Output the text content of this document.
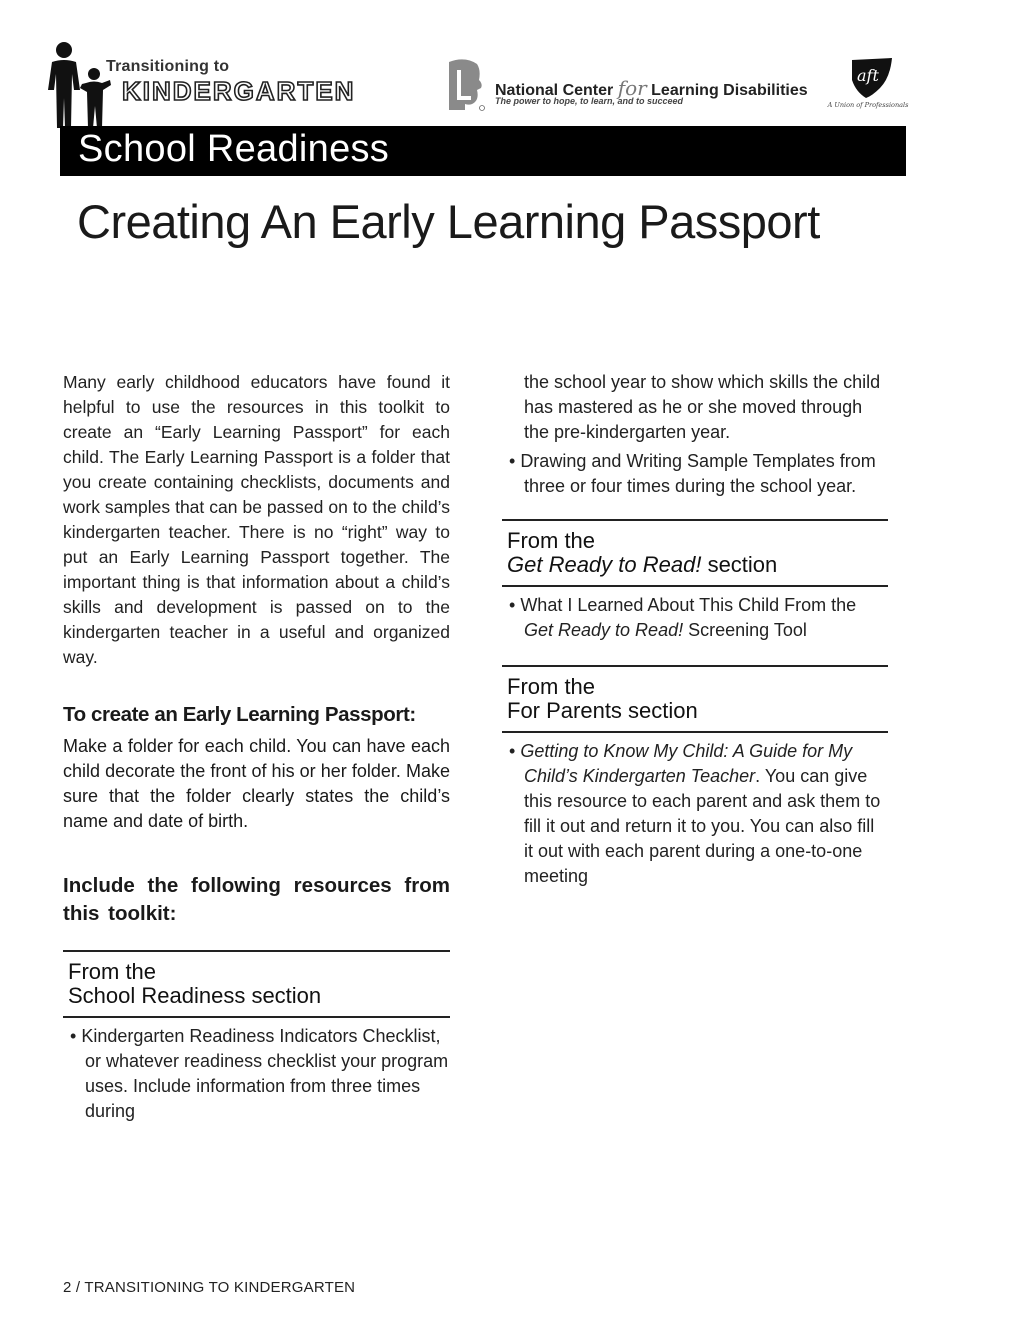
Transitioning to
KINDERGARTEN	National Center for Learning Disabilities
The power to hope, to learn, and to succeed
aft
A Union of Professionals
School Readiness
Creating An Early Learning Passport

Many early childhood educators have found it helpful to use the resources in this toolkit to create an “Early Learning Passport” for each child. The Early Learning Passport is a folder that you create containing checklists, documents and work samples that can be passed on to the child’s kindergarten teacher. There is no “right” way to put an Early Learning Passport together. The important thing is that information about a child’s skills and development is passed on to the kindergarten teacher in a useful and organized way.

To create an Early Learning Passport:

Make a folder for each child. You can have each child decorate the front of his or her folder. Make sure that the folder clearly states the child’s name and date of birth.

Include the following resources from this toolkit:
From the
School Readiness section
• Kindergarten Readiness Indicators Checklist, or whatever readiness checklist your program uses. Include information from three times during
the school year to show which skills the child has mastered as he or she moved through the pre-kindergarten year.
• Drawing and Writing Sample Templates from three or four times during the school year.
From the
Get Ready to Read! section
• What I Learned About This Child From the Get Ready to Read! Screening Tool
From the
For Parents section
• Getting to Know My Child: A Guide for My Child’s Kindergarten Teacher. You can give this resource to each parent and ask them to fill it out and return it to you. You can also fill it out with each parent during a one-to-one meeting
2 / TRANSITIONING TO KINDERGARTEN
